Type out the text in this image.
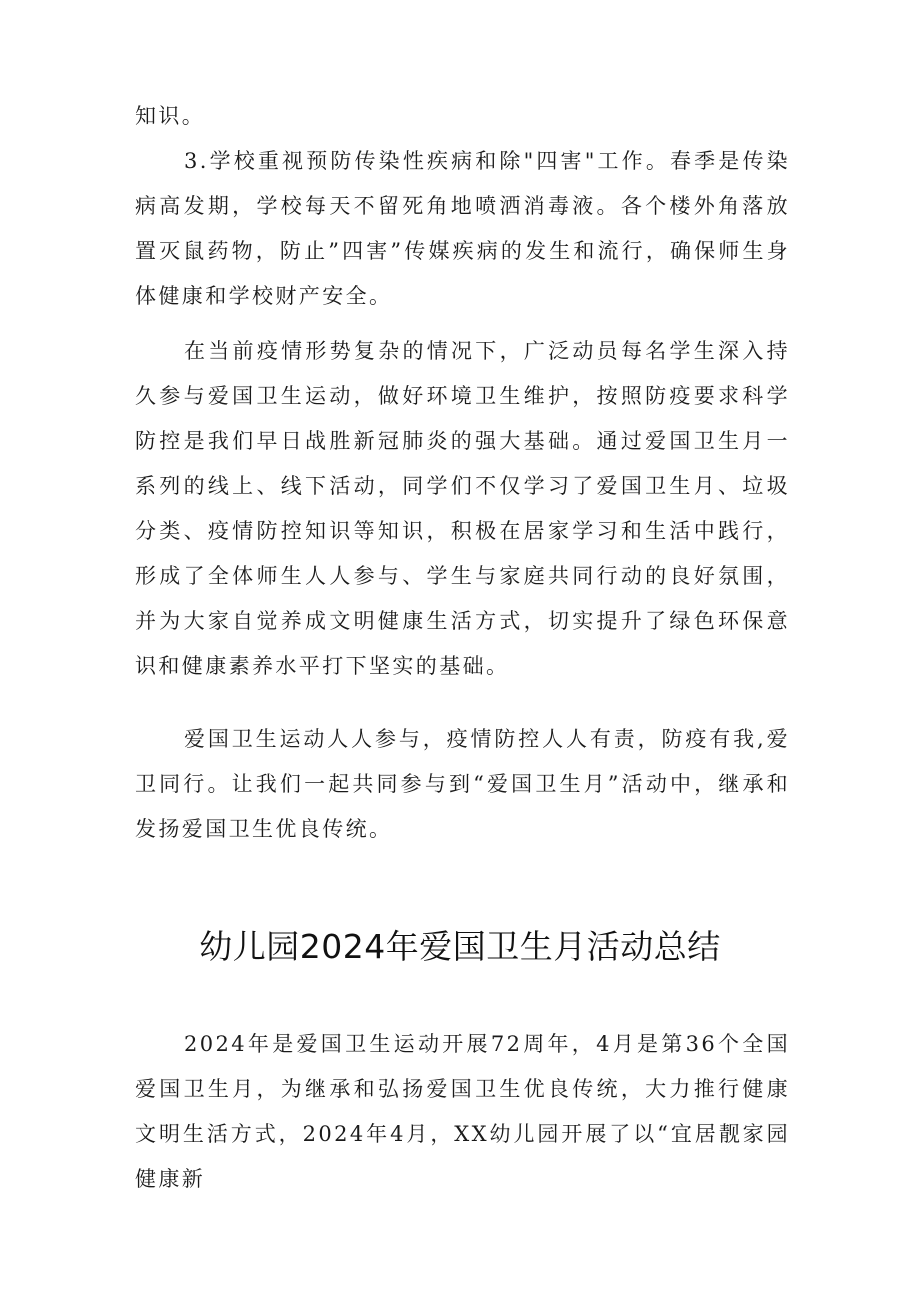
知识。

3.学校重视预防传染性疾病和除"四害"工作。春季是传染病高发期，学校每天不留死角地喷洒消毒液。各个楼外角落放置灭鼠药物，防止”四害”传媒疾病的发生和流行，确保师生身体健康和学校财产安全。

在当前疫情形势复杂的情况下，广泛动员每名学生深入持久参与爱国卫生运动，做好环境卫生维护，按照防疫要求科学防控是我们早日战胜新冠肺炎的强大基础。通过爱国卫生月一系列的线上、线下活动，同学们不仅学习了爱国卫生月、垃圾分类、疫情防控知识等知识，积极在居家学习和生活中践行，形成了全体师生人人参与、学生与家庭共同行动的良好氛围，并为大家自觉养成文明健康生活方式，切实提升了绿色环保意识和健康素养水平打下坚实的基础。

爱国卫生运动人人参与，疫情防控人人有责，防疫有我,爱卫同行。让我们一起共同参与到“爱国卫生月”活动中，继承和发扬爱国卫生优良传统。

幼儿园2024年爱国卫生月活动总结

2024年是爱国卫生运动开展72周年，4月是第36个全国爱国卫生月，为继承和弘扬爱国卫生优良传统，大力推行健康文明生活方式，2024年4月，XX幼儿园开展了以“宜居靓家园健康新
